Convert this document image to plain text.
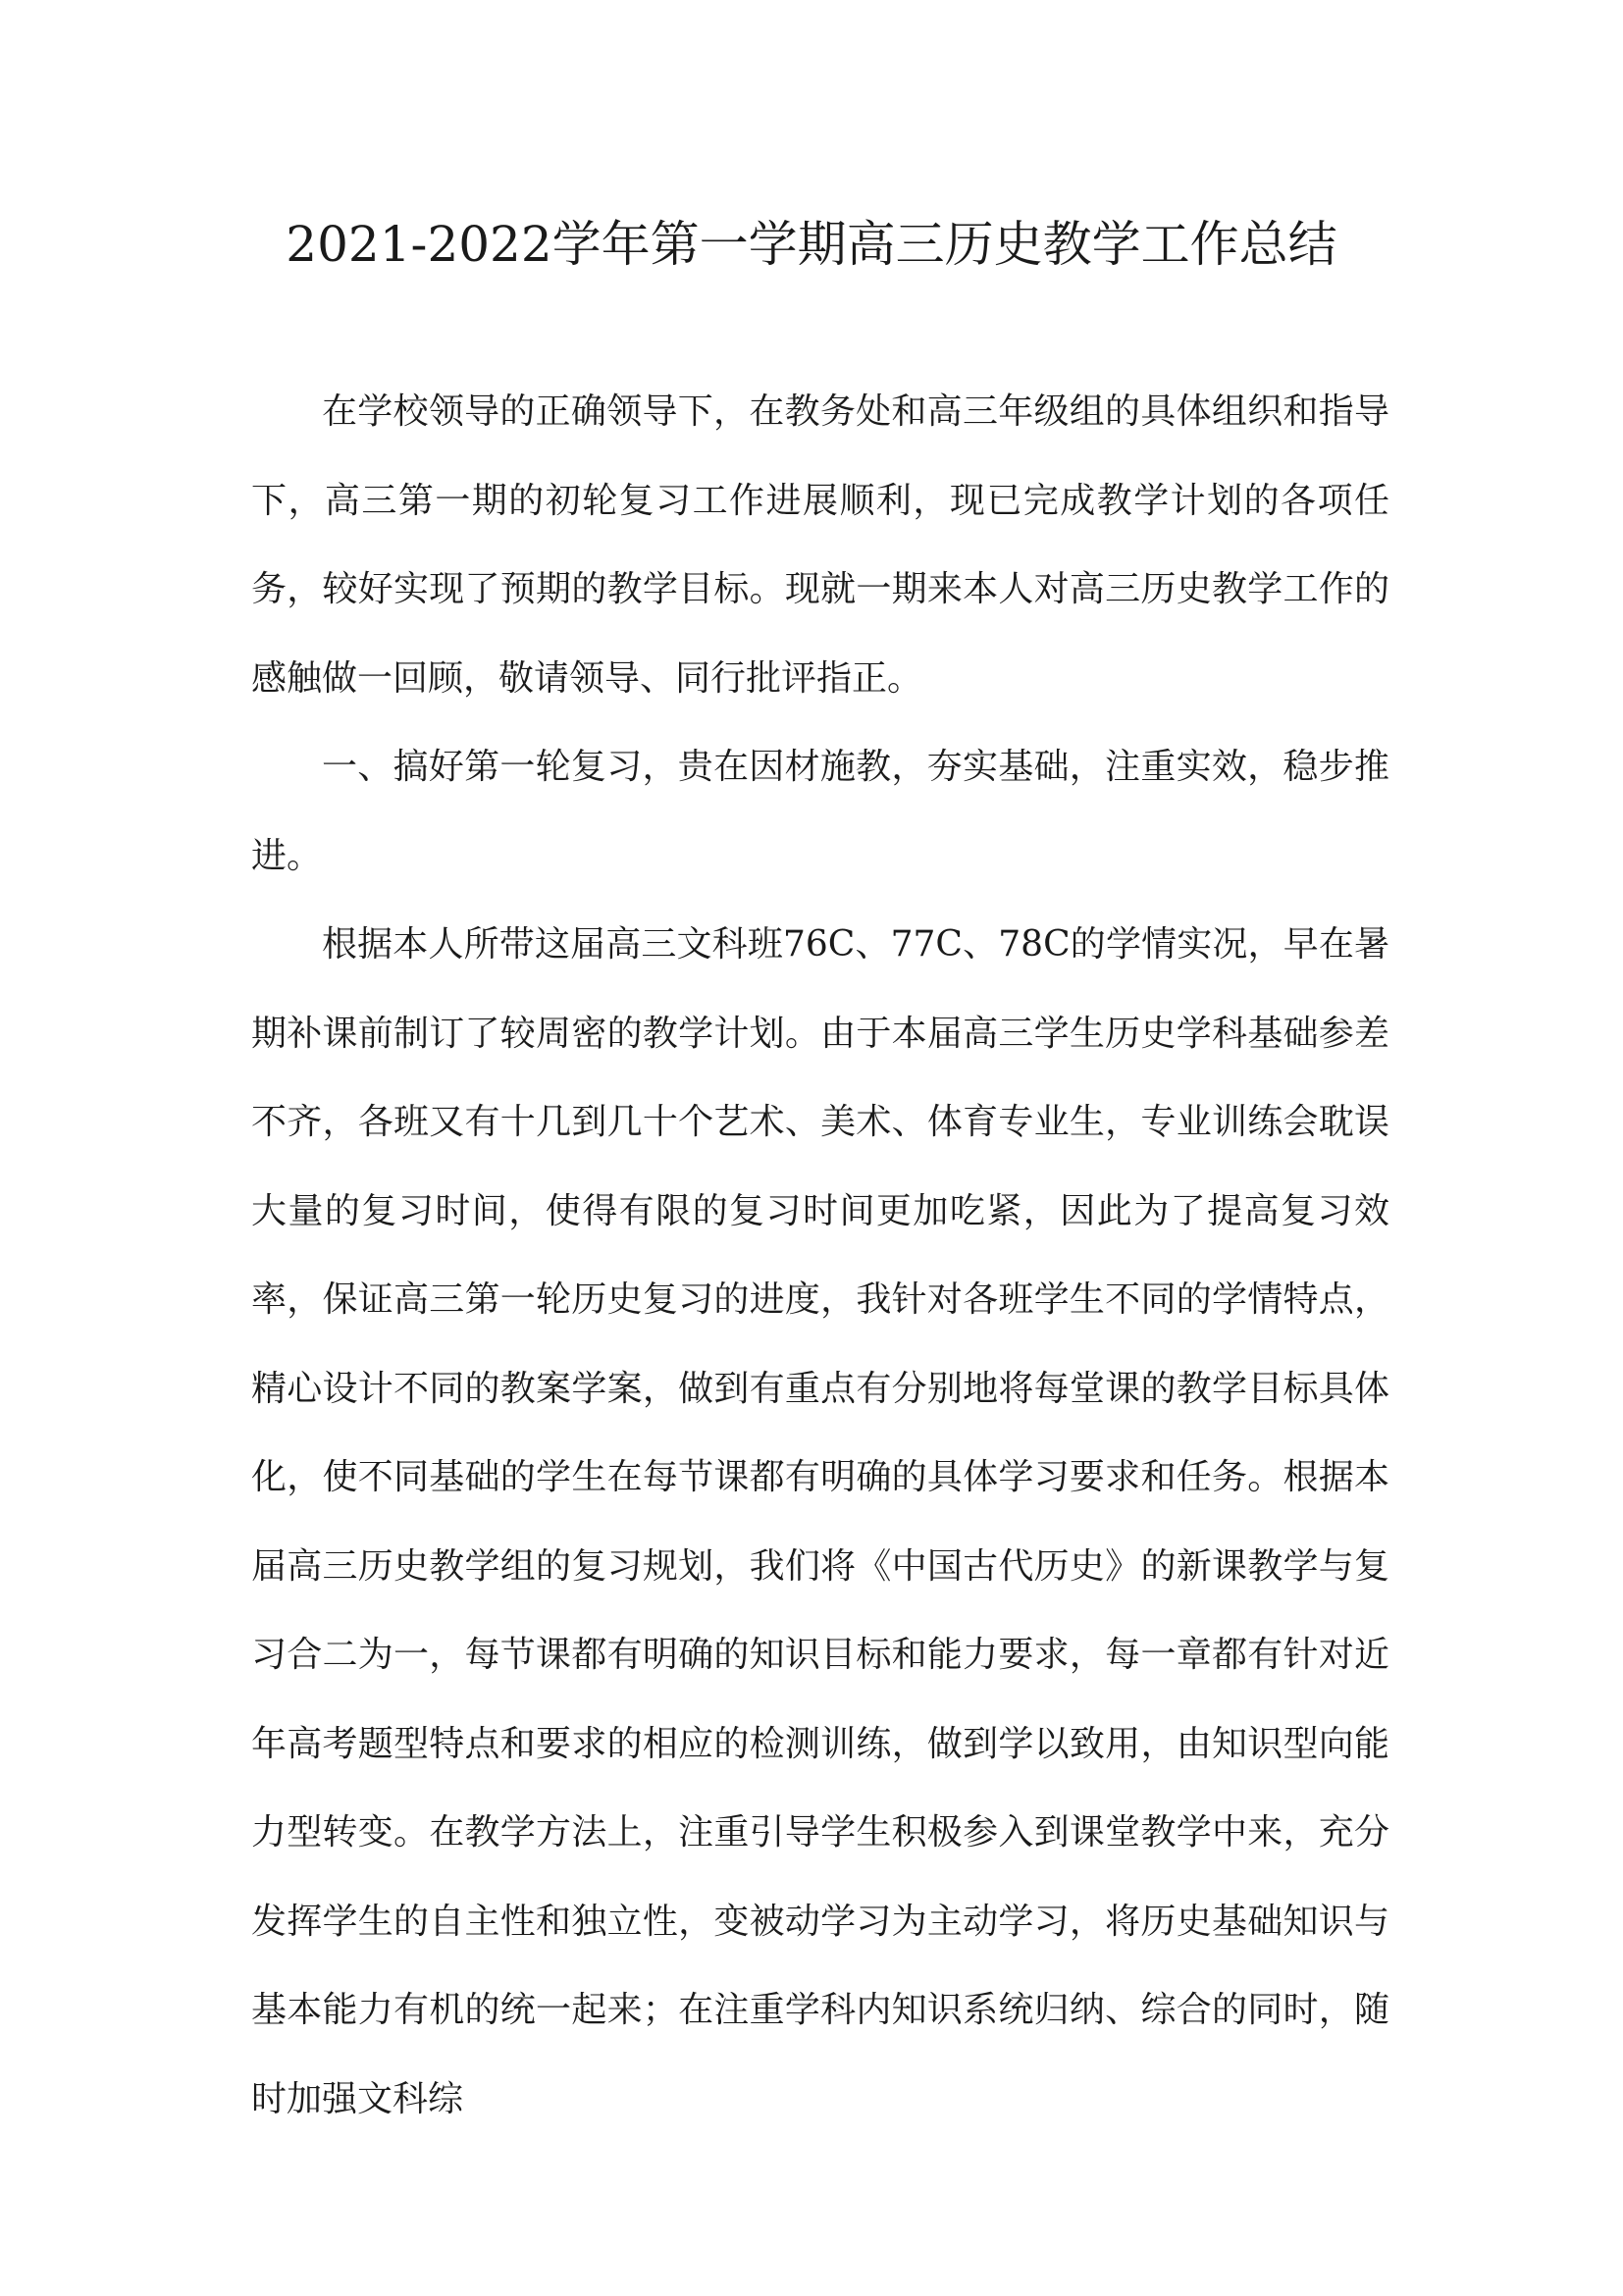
2021-2022学年第一学期高三历史教学工作总结

在学校领导的正确领导下，在教务处和高三年级组的具体组织和指导下，高三第一期的初轮复习工作进展顺利，现已完成教学计划的各项任务，较好实现了预期的教学目标。现就一期来本人对高三历史教学工作的感触做一回顾，敬请领导、同行批评指正。

一、搞好第一轮复习，贵在因材施教，夯实基础，注重实效，稳步推进。

根据本人所带这届高三文科班76C、77C、78C的学情实况，早在暑期补课前制订了较周密的教学计划。由于本届高三学生历史学科基础参差不齐，各班又有十几到几十个艺术、美术、体育专业生，专业训练会耽误大量的复习时间，使得有限的复习时间更加吃紧，因此为了提高复习效率，保证高三第一轮历史复习的进度，我针对各班学生不同的学情特点，精心设计不同的教案学案，做到有重点有分别地将每堂课的教学目标具体化，使不同基础的学生在每节课都有明确的具体学习要求和任务。根据本届高三历史教学组的复习规划，我们将《中国古代历史》的新课教学与复习合二为一，每节课都有明确的知识目标和能力要求，每一章都有针对近年高考题型特点和要求的相应的检测训练，做到学以致用，由知识型向能力型转变。在教学方法上，注重引导学生积极参入到课堂教学中来，充分发挥学生的自主性和独立性，变被动学习为主动学习，将历史基础知识与基本能力有机的统一起来；在注重学科内知识系统归纳、综合的同时，随时加强文科综
